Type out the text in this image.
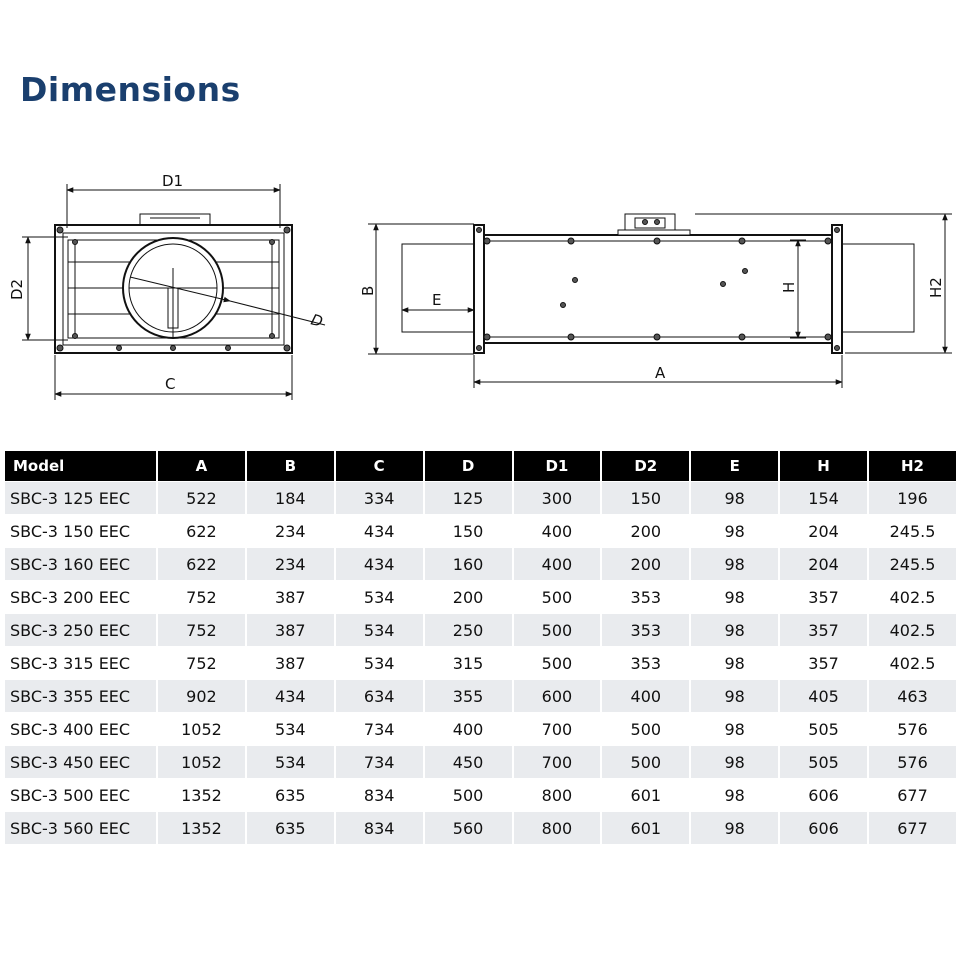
Dimensions
D1
D2
C
D
B
E
H	H2
A
Model	A	B	C	D	D1	D2	E	H	H2
SBC-3 125 EEC	522	184	334	125	300	150	98	154	196
SBC-3 150 EEC	622	234	434	150	400	200	98	204	245.5
SBC-3 160 EEC	622	234	434	160	400	200	98	204	245.5
SBC-3 200 EEC	752	387	534	200	500	353	98	357	402.5
SBC-3 250 EEC	752	387	534	250	500	353	98	357	402.5
SBC-3 315 EEC	752	387	534	315	500	353	98	357	402.5
SBC-3 355 EEC	902	434	634	355	600	400	98	405	463
SBC-3 400 EEC	1052	534	734	400	700	500	98	505	576
SBC-3 450 EEC	1052	534	734	450	700	500	98	505	576
SBC-3 500 EEC	1352	635	834	500	800	601	98	606	677
SBC-3 560 EEC	1352	635	834	560	800	601	98	606	677
